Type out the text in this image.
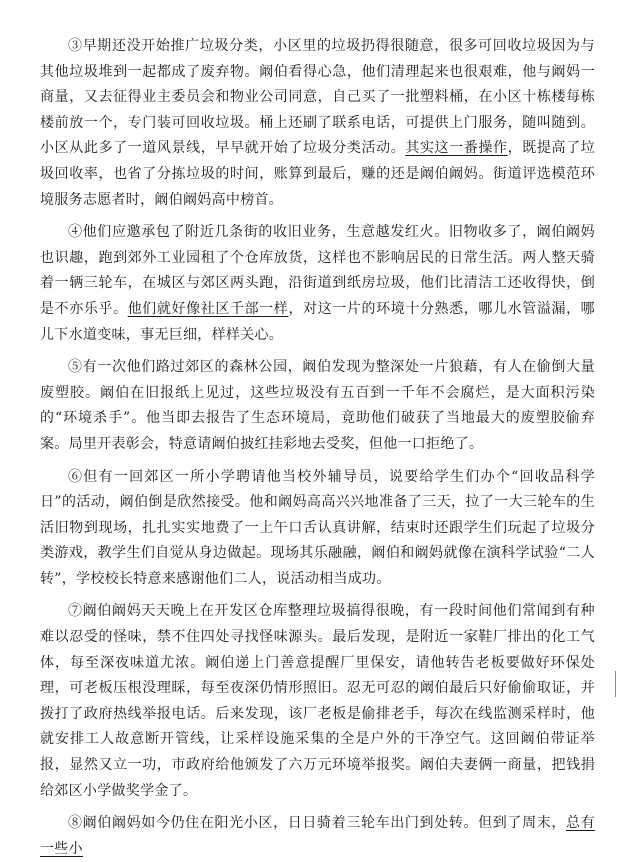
③早期还没开始推广垃圾分类，小区里的垃圾扔得很随意，很多可回收垃圾因为与其他垃圾堆到一起都成了废弃物。阚伯看得心急，他们清理起来也很艰难，他与阚妈一商量，又去征得业主委员会和物业公司同意，自己买了一批塑料桶，在小区十栋楼每栋楼前放一个，专门装可回收垃圾。桶上还刷了联系电话，可提供上门服务，随叫随到。小区从此多了一道风景线，早早就开始了垃圾分类活动。其实这一番操作，既提高了垃圾回收率，也省了分拣垃圾的时间，账算到最后，赚的还是阚伯阚妈。街道评选模范环境服务志愿者时，阚伯阚妈高中榜首。

④他们应邀承包了附近几条街的收旧业务，生意越发红火。旧物收多了，阚伯阚妈也识趣，跑到郊外工业园租了个仓库放货，这样也不影响居民的日常生活。两人整天骑着一辆三轮车，在城区与郊区两头跑，沿街道到纸房垃圾，他们比清洁工还收得快，倒是不亦乐乎。他们就好像社区千部一样，对这一片的环境十分熟悉，哪儿水管溢漏，哪儿下水道变味，事无巨细，样样关心。

⑤有一次他们路过郊区的森林公园，阚伯发现为整深处一片狼藉，有人在偷倒大量废塑胶。阚伯在旧报纸上见过，这些垃圾没有五百到一千年不会腐烂，是大面积污染的“环境杀手”。他当即去报告了生态环境局，竟助他们破获了当地最大的废塑胶偷弃案。局里开表彰会，特意请阚伯披红挂彩地去受奖，但他一口拒绝了。

⑥但有一回郊区一所小学聘请他当校外辅导员，说要给学生们办个“回收品科学日”的活动，阚伯倒是欣然接受。他和阚妈高高兴兴地准备了三天，拉了一大三轮车的生活旧物到现场，扎扎实实地费了一上午口舌认真讲解，结束时还跟学生们玩起了垃圾分类游戏，教学生们自觉从身边做起。现场其乐融融，阚伯和阚妈就像在演科学试验“二人转”，学校校长特意来感谢他们二人，说活动相当成功。

⑦阚伯阚妈天天晚上在开发区仓库整理垃圾搞得很晚，有一段时间他们常闻到有种难以忍受的怪味，禁不住四处寻找怪味源头。最后发现，是附近一家鞋厂排出的化工气体，每至深夜味道尤浓。阚伯递上门善意提醒厂里保安，请他转告老板要做好环保处理，可老板压根没理睬，每至夜深仍情形照旧。忍无可忍的阚伯最后只好偷偷取证，并拨打了政府热线举报电话。后来发现，该厂老板是偷排老手，每次在线监测采样时，他就安排工人故意断开管线，让采样设施采集的全是户外的干净空气。这回阚伯带证举报，显然又立一功，市政府给他颁发了六万元环境举报奖。阚伯夫妻俩一商量，把钱捐给郊区小学做奖学金了。

⑧阚伯阚妈如今仍住在阳光小区，日日骑着三轮车出门到处转。但到了周末，总有一些小
